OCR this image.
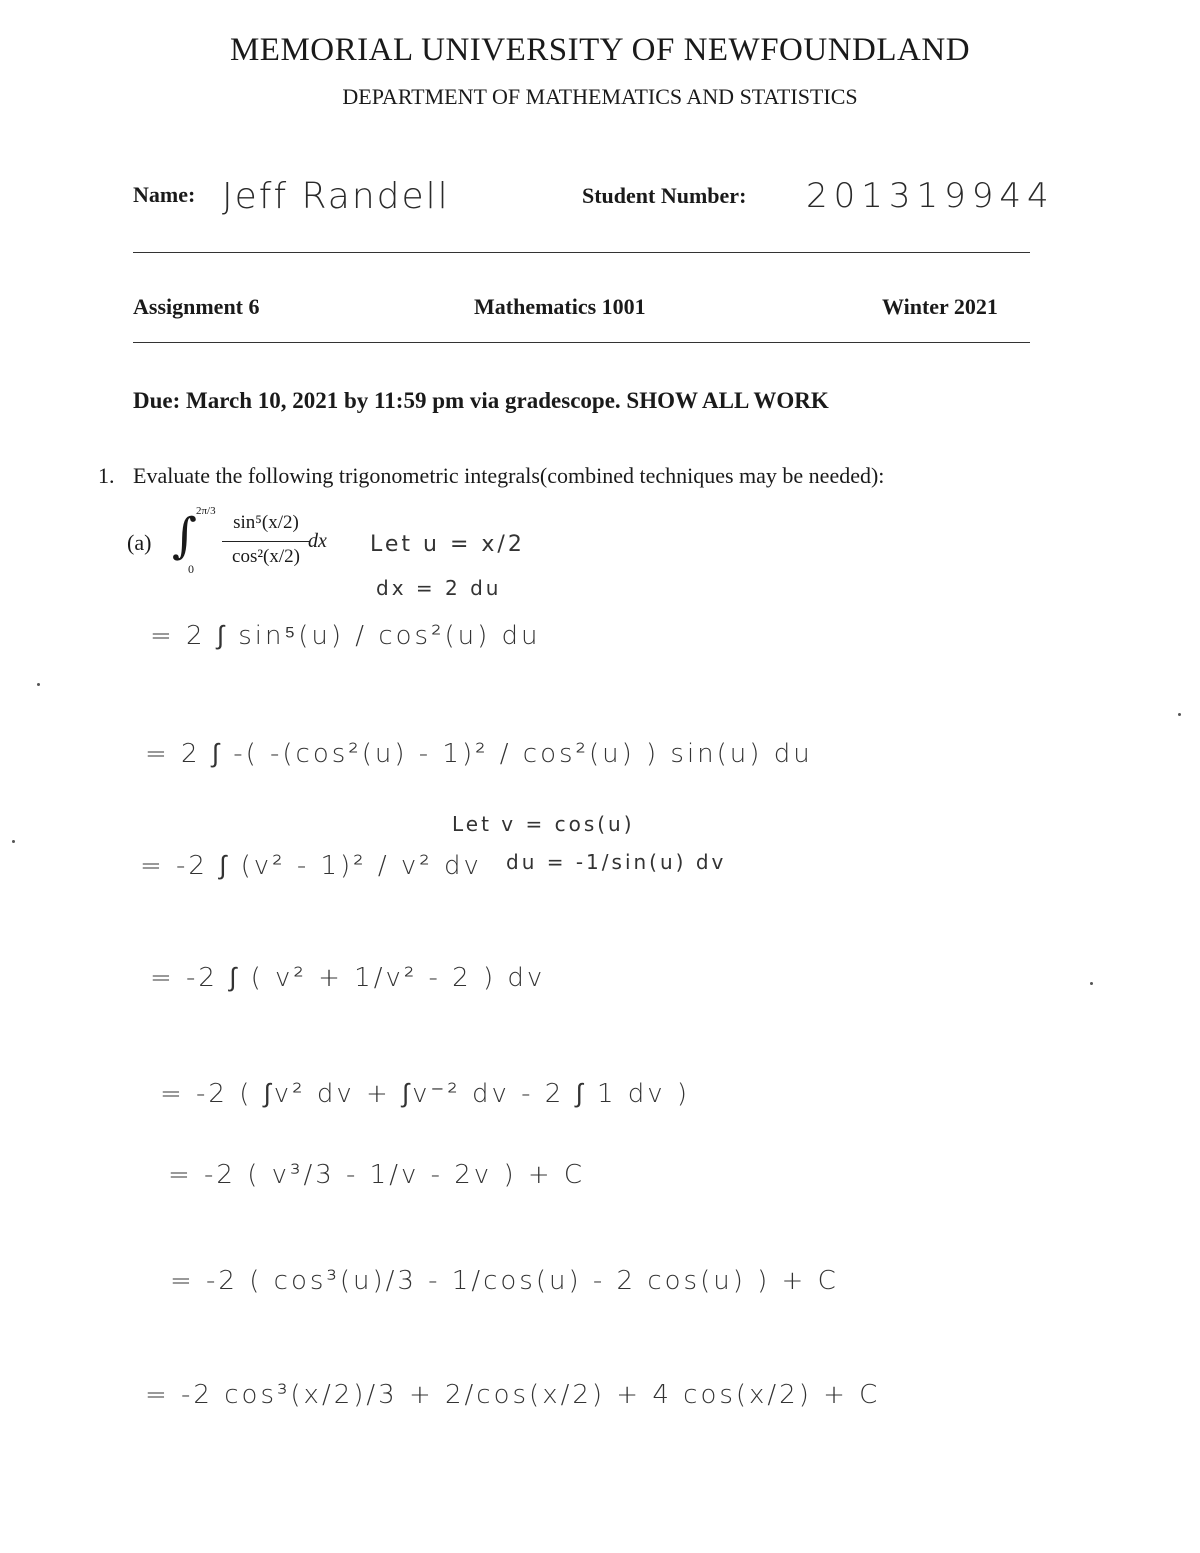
MEMORIAL UNIVERSITY OF NEWFOUNDLAND
DEPARTMENT OF MATHEMATICS AND STATISTICS
Name: Jeff Randell	Student Number: 201319944
Assignment 6	Mathematics 1001	Winter 2021
Due: March 10, 2021 by 11:59 pm via gradescope. SHOW ALL WORK
1. Evaluate the following trigonometric integrals(combined techniques may be needed):
(a) ∫
2π/3
0
sin⁵(x/2)
cos²(x/2)
dx Let u = x/2
dx = 2 du
Let v = cos(u)
du = -1/sin(u) dv
= 2 ∫ sin⁵(u) / cos²(u) du
= 2 ∫ -( -(cos²(u) - 1)² / cos²(u) ) sin(u) du
= -2 ∫ (v² - 1)² / v² dv
= -2 ∫ ( v² + 1/v² - 2 ) dv
= -2 ( ∫v² dv + ∫v⁻² dv - 2 ∫ 1 dv )
= -2 ( v³/3 - 1/v - 2v ) + C
= -2 ( cos³(u)/3 - 1/cos(u) - 2 cos(u) ) + C
= -2 cos³(x/2)/3 + 2/cos(x/2) + 4 cos(x/2) + C
